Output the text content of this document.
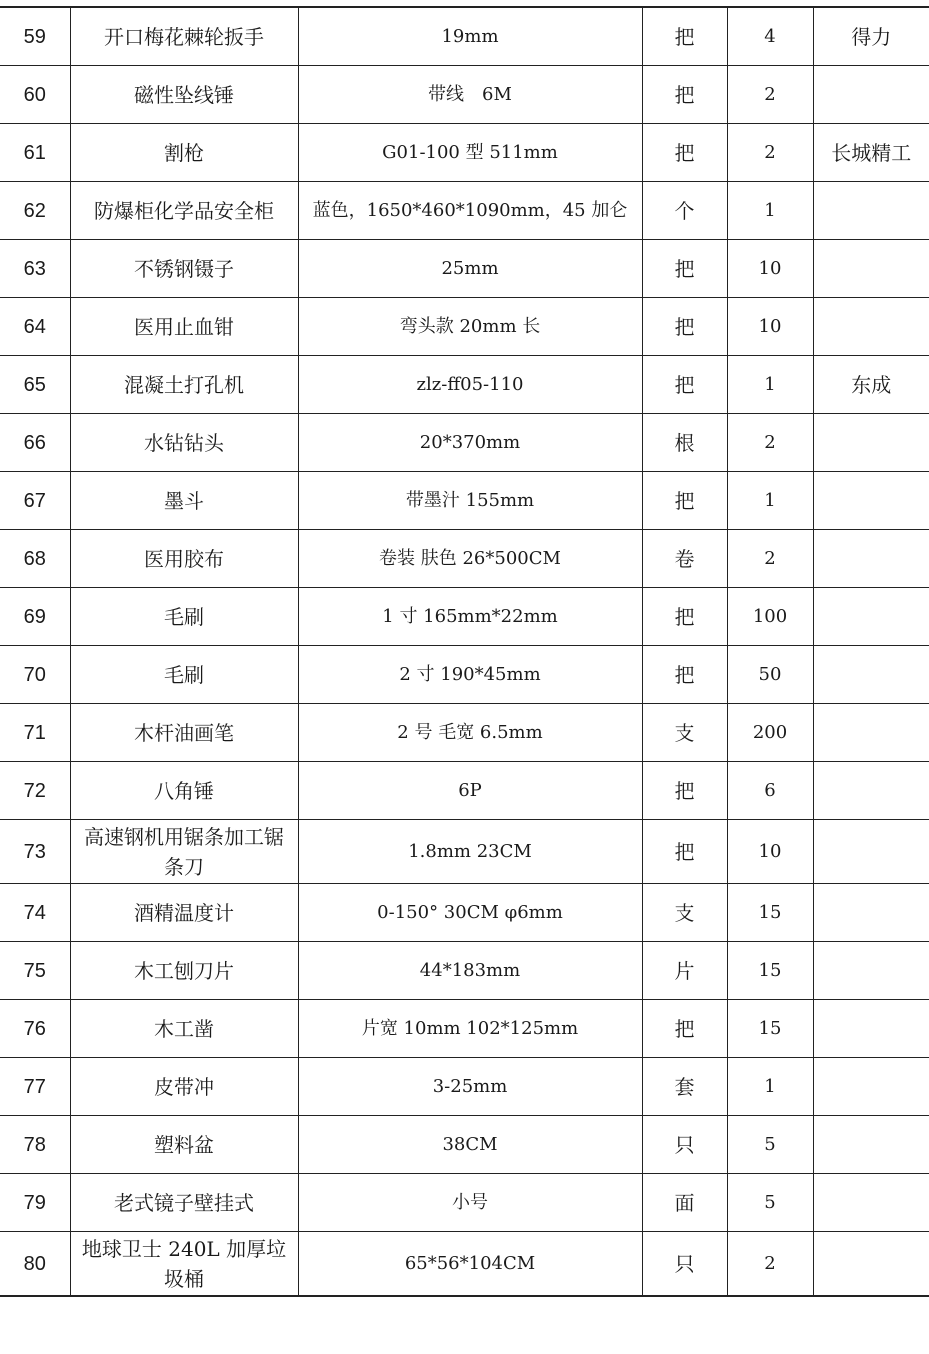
59	开口梅花棘轮扳手	19mm	把	4	得力
60	磁性坠线锤	带线　6M	把	2	
61	割枪	G01-100 型 511mm	把	2	长城精工
62	防爆柜化学品安全柜	蓝色，1650*460*1090mm，45 加仑	个	1	
63	不锈钢镊子	25mm	把	10	
64	医用止血钳	弯头款 20mm 长	把	10	
65	混凝土打孔机	zlz-ff05-110	把	1	东成
66	水钻钻头	20*370mm	根	2	
67	墨斗	带墨汁 155mm	把	1	
68	医用胶布	卷装 肤色 26*500CM	卷	2	
69	毛刷	1 寸 165mm*22mm	把	100	
70	毛刷	2 寸 190*45mm	把	50	
71	木杆油画笔	2 号 毛宽 6.5mm	支	200	
72	八角锤	6P	把	6	
73	高速钢机用锯条加工锯条刀	1.8mm 23CM	把	10	
74	酒精温度计	0-150° 30CM φ6mm	支	15	
75	木工刨刀片	44*183mm	片	15	
76	木工凿	片宽 10mm 102*125mm	把	15	
77	皮带冲	3-25mm	套	1	
78	塑料盆	38CM	只	5	
79	老式镜子壁挂式	小号	面	5	
80	地球卫士 240L 加厚垃圾桶	65*56*104CM	只	2	
